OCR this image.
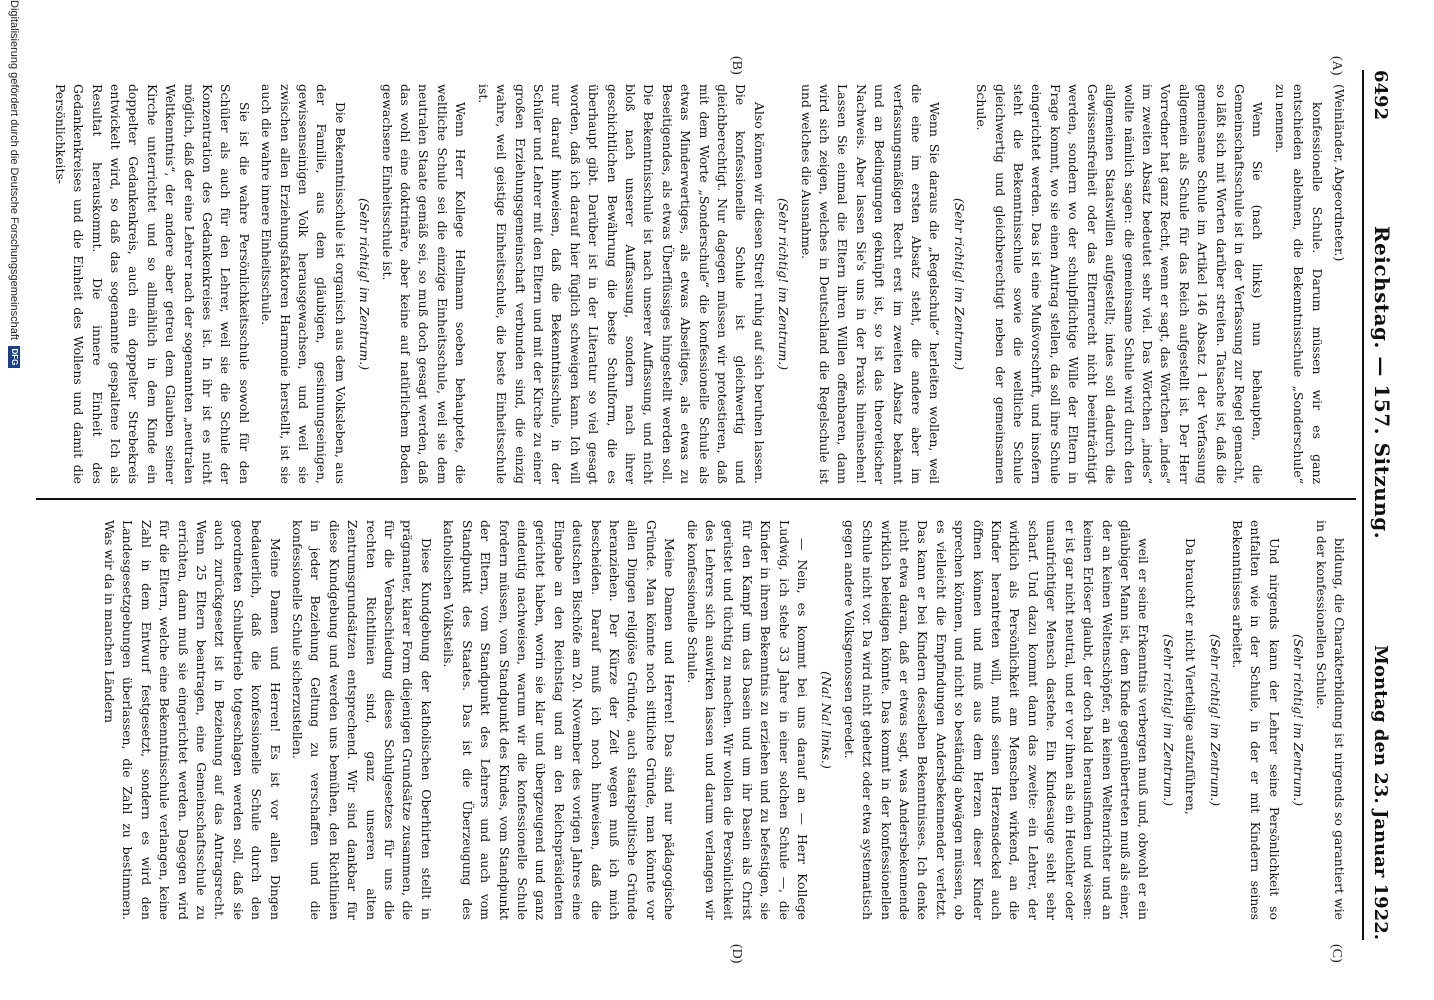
6492
Reichstag. — 157. Sitzung.
Montag den 23. Januar 1922.
(A)
(B)
(C)
(D)

(Weinländer, Abgeordneter.)

konfessionelle Schule. Darum müssen wir es ganz entschieden ablehnen, die Bekenntnisschule „Sonderschule“ zu nennen.

Wenn Sie (nach links) nun behaupten, die Gemeinschaftsschule ist in der Verfassung zur Regel gemacht, so läßt sich mit Worten darüber streiten. Tatsache ist, daß die gemeinsame Schule im Artikel 146 Absatz 1 der Verfassung allgemein als Schule für das Reich aufgestellt ist. Der Herr Vorredner hat ganz Recht, wenn er sagt, das Wörtchen „indes“ im zweiten Absatz bedeutet sehr viel. Das Wörtchen „indes“ wollte nämlich sagen: die gemeinsame Schule wird durch den allgemeinen Staatswillen aufgestellt; indes soll dadurch die Gewissensfreiheit oder das Elternrecht nicht beeinträchtigt werden, sondern wo der schulpflichtige Wille der Eltern in Frage kommt, wo sie einen Antrag stellen, da soll ihre Schule eingerichtet werden. Das ist eine Mußvorschrift, und insofern steht die Bekenntnisschule sowie die weltliche Schule gleichwertig und gleichberechtigt neben der gemeinsamen Schule.

(Sehr richtig! im Zentrum.)

Wenn Sie daraus die „Regelschule“ herleiten wollen, weil die eine im ersten Absatz steht, die andere aber im verfassungsmäßigen Recht erst im zweiten Absatz bekannt und an Bedingungen geknüpft ist, so ist das theoretischer Nachweis. Aber lassen Sie's uns in der Praxis hineinsehen! Lassen Sie einmal die Eltern ihren Willen offenbaren, dann wird sich zeigen, welches in Deutschland die Regelschule ist und welches die Ausnahme.

(Sehr richtig! im Zentrum.)

Also können wir diesen Streit ruhig auf sich beruhen lassen. Die konfessionelle Schule ist gleichwertig und gleichberechtigt. Nur dagegen müssen wir protestieren, daß mit dem Worte „Sonderschule“ die konfessionelle Schule als etwas Minderwertiges, als etwas Abseitiges, als etwas zu Beseitigendes, als etwas Überflüssiges hingestellt werden soll. Die Bekenntnisschule ist nach unserer Auffassung, und nicht bloß nach unserer Auffassung, sondern nach ihrer geschichtlichen Bewährung die beste Schulform, die es überhaupt gibt. Darüber ist in der Literatur so viel gesagt worden, daß ich darauf hier füglich schweigen kann. Ich will nur darauf hinweisen, daß die Bekenntnisschule, in der Schüler und Lehrer mit den Eltern und mit der Kirche zu einer großen Erziehungsgemeinschaft verbunden sind, die einzig wahre, weil geistige Einheitsschule, die beste Einheitsschule ist.

Wenn Herr Kollege Hellmann soeben behauptete, die weltliche Schule sei die einzige Einheitsschule, weil sie dem neutralen Staate gemäß sei, so muß doch gesagt werden, daß das wohl eine doktrinäre, aber keine auf natürlichem Boden gewachsene Einheitsschule ist.

(Sehr richtig! im Zentrum.)

Die Bekenntnisschule ist organisch aus dem Volksleben, aus der Familie, aus dem gläubigen, gesinnungseinigen, gewissenseinigen Volk herausgewachsen, und weil sie zwischen allen Erziehungsfaktoren Harmonie herstellt, ist sie auch die wahre innere Einheitsschule.

Sie ist die wahre Persönlichkeitsschule sowohl für den Schüler als auch für den Lehrer, weil sie die Schule der Konzentration des Gedankenkreises ist. In ihr ist es nicht möglich, daß der eine Lehrer nach der sogenannten „neutralen Weltkenntnis“, der andere aber getreu dem Glauben seiner Kirche unterrichtet und so allmählich in dem Kinde ein doppelter Gedankenkreis, auch ein doppelter Strebekreis entwickelt wird, so daß das sogenannte gespaltene Ich als Resultat herauskommt. Die innere Einheit des Gedankenkreises und die Einheit des Wollens und damit die Persönlichkeits-

bildung, die Charakterbildung ist nirgends so garantiert wie in der konfessionellen Schule.

(Sehr richtig! im Zentrum.)

Und nirgends kann der Lehrer seine Persönlichkeit so entfalten wie in der Schule, in der er mit Kindern seines Bekenntnisses arbeitet.

(Sehr richtig! im Zentrum.)

Da braucht er nicht Vierteilige aufzuführen,

(Sehr richtig! im Zentrum.)

weil er seine Erkenntnis verbergen muß und, obwohl er ein gläubiger Mann ist, dem Kinde gegenübertreten muß als einer, der an keinen Weltenschöpfer, an keinen Weltenrichter und an keinen Erlöser glaubt, der doch bald herausfinden und wissen: er ist gar nicht neutral, und er vor ihnen als ein Heuchler oder unaufrichtiger Mensch dastehe. Ein Kindesauge sieht sehr scharf. Und dazu kommt dann das zweite: ein Lehrer, der wirklich als Persönlichkeit am Menschen wirkend, an die Kinder herantreten will, muß seinen Herzensdeckel auch öffnen können und muß aus dem Herzen dieser Kinder sprechen können, und nicht so beständig abwägen müssen, ob es vielleicht die Empfindungen Andersbekennender verletzt. Das kann er bei Kindern desselben Bekenntnisses. Ich denke nicht etwa daran, daß er etwas sagt, was Andersbekennende wirklich beleidigen könnte. Das kommt in der konfessionellen Schule nicht vor. Da wird nicht gehetzt oder etwa systematisch gegen andere Volksgenossen geredet.

(Na! Na! links.)

— Nein, es kommt bei uns darauf an — Herr Kollege Ludwig, ich stehe 33 Jahre in einer solchen Schule —, die Kinder in ihrem Bekenntnis zu erziehen und zu befestigen, sie für den Kampf um das Dasein und um ihr Dasein als Christ gerüstet und tüchtig zu machen. Wir wollen die Persönlichkeit des Lehrers sich auswirken lassen und darum verlangen wir die konfessionelle Schule.

Meine Damen und Herren! Das sind nur pädagogische Gründe. Man könnte noch sittliche Gründe, man könnte vor allen Dingen religiöse Gründe, auch staatspolitische Gründe heranziehen. Der Kürze der Zeit wegen muß ich mich bescheiden. Darauf muß ich noch hinweisen, daß die deutschen Bischöfe am 20. November des vorigen Jahres eine Eingabe an den Reichstag und an den Reichspräsidenten gerichtet haben, worin sie klar und übergzeugend und ganz eindeutig nachweisen, warum wir die konfessionelle Schule fordern müssen, vom Standpunkt des Kindes, vom Standpunkt der Eltern, vom Standpunkt des Lehrers und auch vom Standpunkt des Staates. Das ist die Überzeugung des katholischen Volksteils.

Diese Kundgebung der katholischen Oberhirten stellt in prägnanter, klarer Form diejenigen Grundsätze zusammen, die für die Verabschiedung dieses Schulgesetzes für uns die rechten Richtlinien sind, ganz unseren alten Zentrumsgrundsätzen entsprechend. Wir sind dankbar für diese Kundgebung und werden uns bemühen, den Richtlinien in jeder Beziehung Geltung zu verschaffen und die konfessionelle Schule sicherzustellen.

Meine Damen und Herren! Es ist vor allen Dingen bedauerlich, daß die konfessionelle Schule durch den geordneten Schulbetrieb totgeschlagen werden soll, daß sie auch zurückgesetzt ist in Beziehung auf das Antragsrecht. Wenn 25 Eltern beantragen, eine Gemeinschaftsschule zu errichten, dann muß sie eingerichtet werden. Dagegen wird für die Eltern, welche eine Bekenntnisschule verlangen, keine Zahl in dem Entwurf festgesetzt, sondern es wird den Landesgesetzgebungen überlassen, die Zahl zu bestimmen. Was wir da in manchen Ländern

Digitalisierung gefördert durch die Deutsche Forschungsgemeinschaft
DFG
